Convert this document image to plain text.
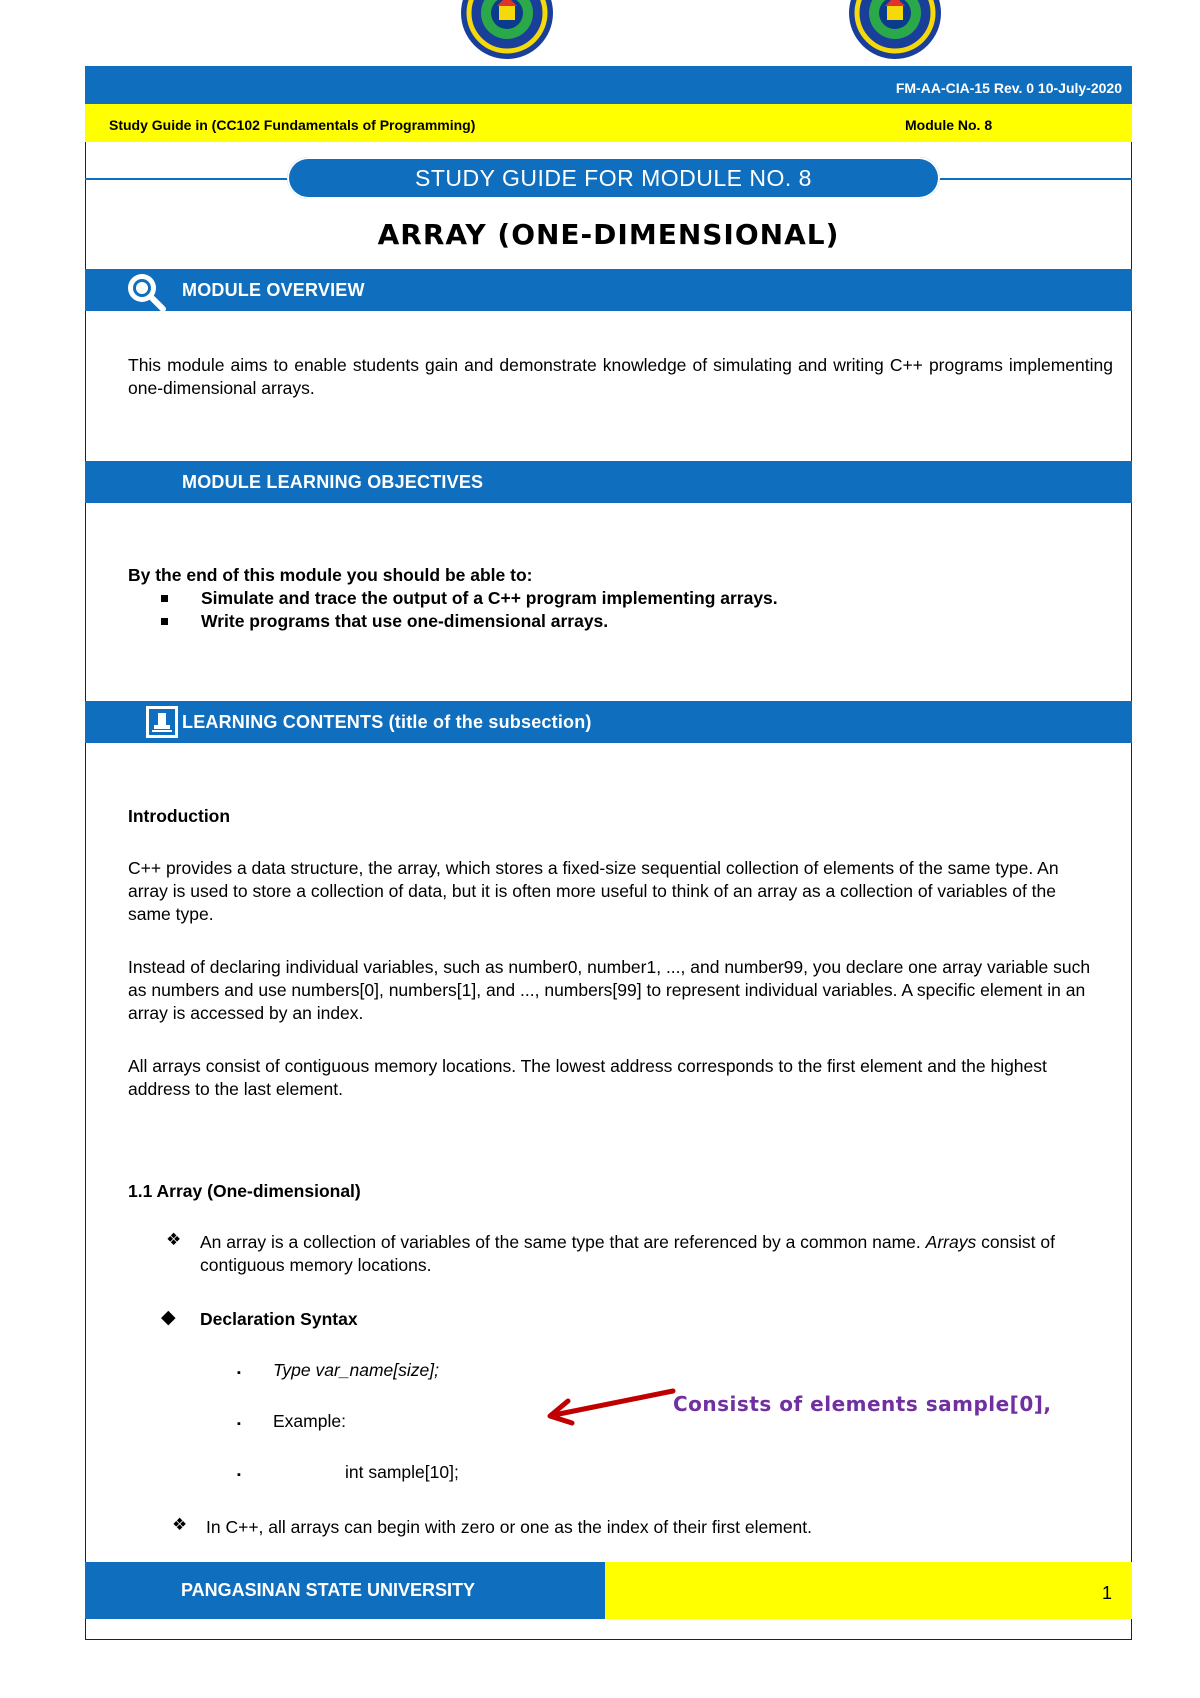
FM-AA-CIA-15 Rev. 0 10-July-2020
Study Guide in (CC102 Fundamentals of Programming)	Module No. 8
STUDY GUIDE FOR MODULE NO. 8
ARRAY (ONE-DIMENSIONAL)
MODULE OVERVIEW
This module aims to enable students gain and demonstrate knowledge of simulating and writing C++ programs implementing one-dimensional arrays.
MODULE LEARNING OBJECTIVES
By the end of this module you should be able to:
Simulate and trace the output of a C++ program implementing arrays.
Write programs that use one-dimensional arrays.
LEARNING CONTENTS (title of the subsection)
Introduction
C++ provides a data structure, the array, which stores a fixed-size sequential collection of elements of the same type. An array is used to store a collection of data, but it is often more useful to think of an array as a collection of variables of the same type.
Instead of declaring individual variables, such as number0, number1, ..., and number99, you declare one array variable such as numbers and use numbers[0], numbers[1], and ..., numbers[99] to represent individual variables. A specific element in an array is accessed by an index.
All arrays consist of contiguous memory locations. The lowest address corresponds to the first element and the highest address to the last element.
1.1 Array (One-dimensional)
❖ An array is a collection of variables of the same type that are referenced by a common name. Arrays consist of contiguous memory locations.
◆ Declaration Syntax
▪ Type var_name[size];
▪ Example:
▪	int sample[10];
Consists of elements sample[0],
❖ In C++, all arrays can begin with zero or one as the index of their first element.
PANGASINAN STATE UNIVERSITY	1
